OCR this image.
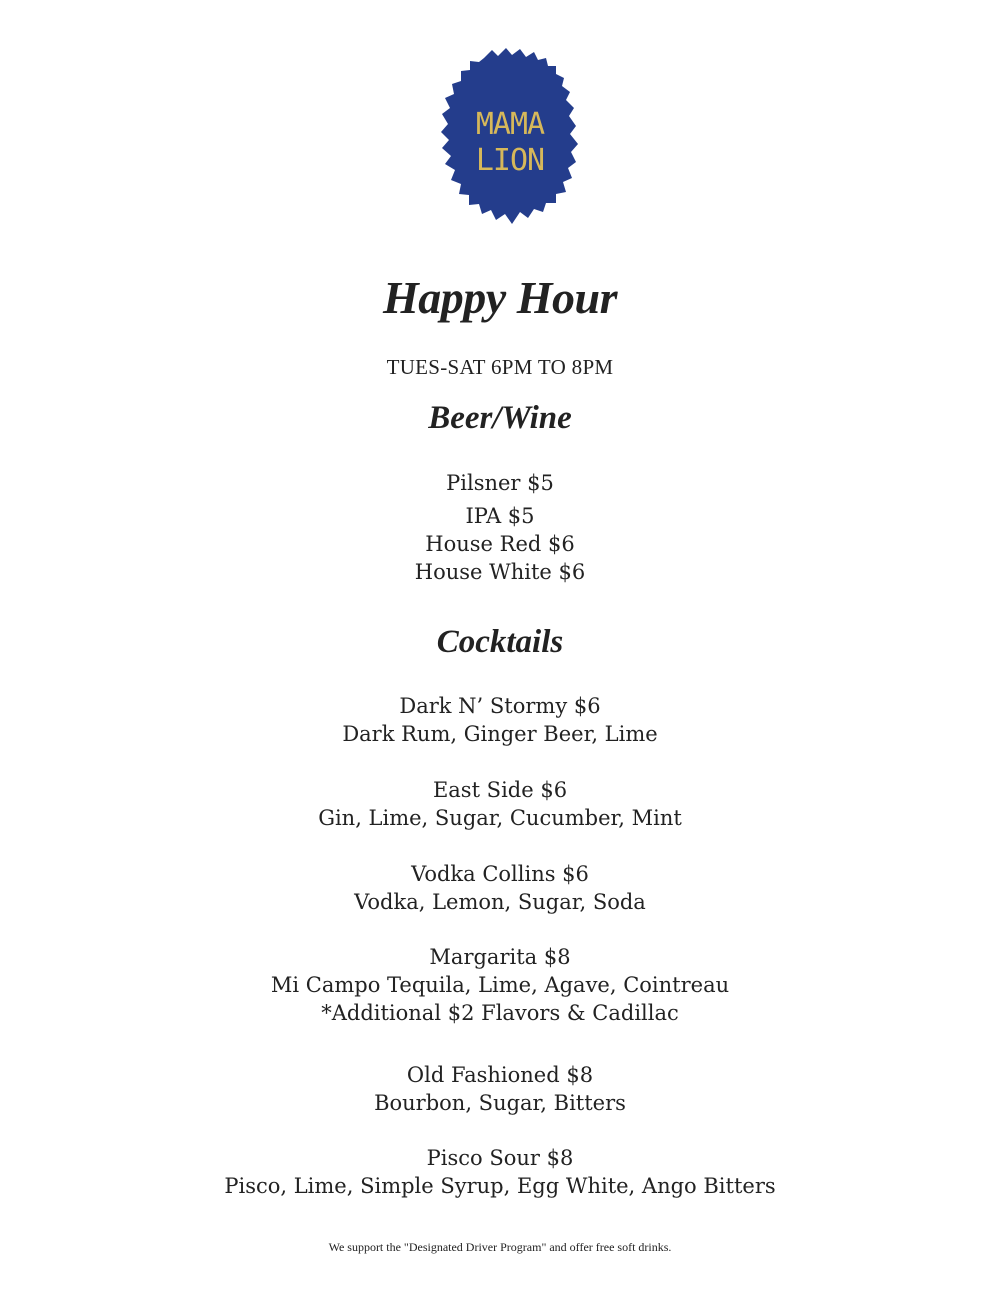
MAMA
LION
Happy Hour
TUES-SAT 6PM TO 8PM
Beer/Wine
Pilsner $5
IPA $5
House Red $6
House White $6
Cocktails
Dark N’ Stormy $6
Dark Rum, Ginger Beer, Lime
East Side $6
Gin, Lime, Sugar, Cucumber, Mint
Vodka Collins $6
Vodka, Lemon, Sugar, Soda
Margarita $8
Mi Campo Tequila, Lime, Agave, Cointreau
*Additional $2 Flavors & Cadillac
Old Fashioned $8
Bourbon, Sugar, Bitters
Pisco Sour $8
Pisco, Lime, Simple Syrup, Egg White, Ango Bitters
We support the "Designated Driver Program" and offer free soft drinks.
